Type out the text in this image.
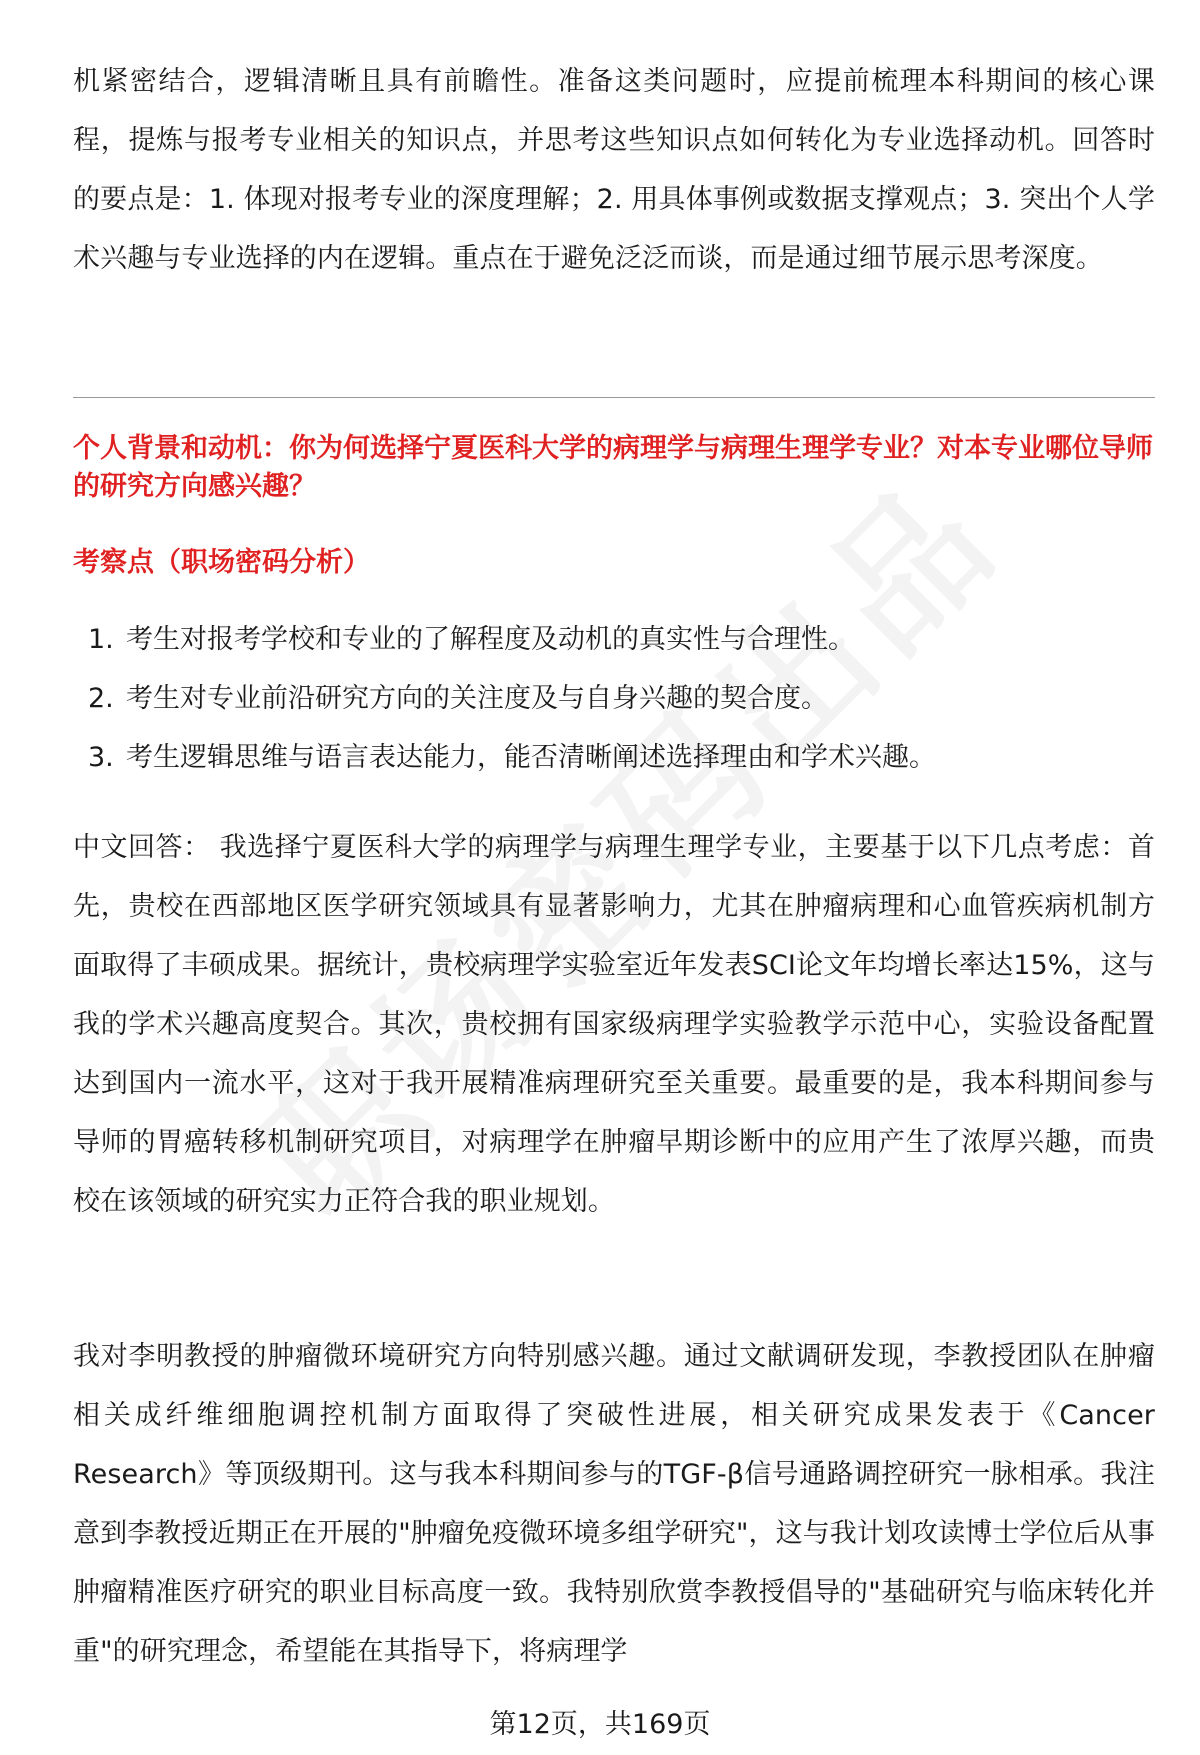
机紧密结合，逻辑清晰且具有前瞻性。准备这类问题时，应提前梳理本科期间的核心课程，提炼与报考专业相关的知识点，并思考这些知识点如何转化为专业选择动机。回答时的要点是：1. 体现对报考专业的深度理解；2. 用具体事例或数据支撑观点；3. 突出个人学术兴趣与专业选择的内在逻辑。重点在于避免泛泛而谈，而是通过细节展示思考深度。

个人背景和动机：你为何选择宁夏医科大学的病理学与病理生理学专业？对本专业哪位导师的研究方向感兴趣？

考察点（职场密码分析）

1. 考生对报考学校和专业的了解程度及动机的真实性与合理性。
2. 考生对专业前沿研究方向的关注度及与自身兴趣的契合度。
3. 考生逻辑思维与语言表达能力，能否清晰阐述选择理由和学术兴趣。

中文回答： 我选择宁夏医科大学的病理学与病理生理学专业，主要基于以下几点考虑：首先，贵校在西部地区医学研究领域具有显著影响力，尤其在肿瘤病理和心血管疾病机制方面取得了丰硕成果。据统计，贵校病理学实验室近年发表SCI论文年均增长率达15%，这与我的学术兴趣高度契合。其次，贵校拥有国家级病理学实验教学示范中心，实验设备配置达到国内一流水平，这对于我开展精准病理研究至关重要。最重要的是，我本科期间参与导师的胃癌转移机制研究项目，对病理学在肿瘤早期诊断中的应用产生了浓厚兴趣，而贵校在该领域的研究实力正符合我的职业规划。

我对李明教授的肿瘤微环境研究方向特别感兴趣。通过文献调研发现，李教授团队在肿瘤相关成纤维细胞调控机制方面取得了突破性进展，相关研究成果发表于《Cancer Research》等顶级期刊。这与我本科期间参与的TGF-β信号通路调控研究一脉相承。我注意到李教授近期正在开展的"肿瘤免疫微环境多组学研究"，这与我计划攻读博士学位后从事肿瘤精准医疗研究的职业目标高度一致。我特别欣赏李教授倡导的"基础研究与临床转化并重"的研究理念，希望能在其指导下，将病理学

第12页，共169页
